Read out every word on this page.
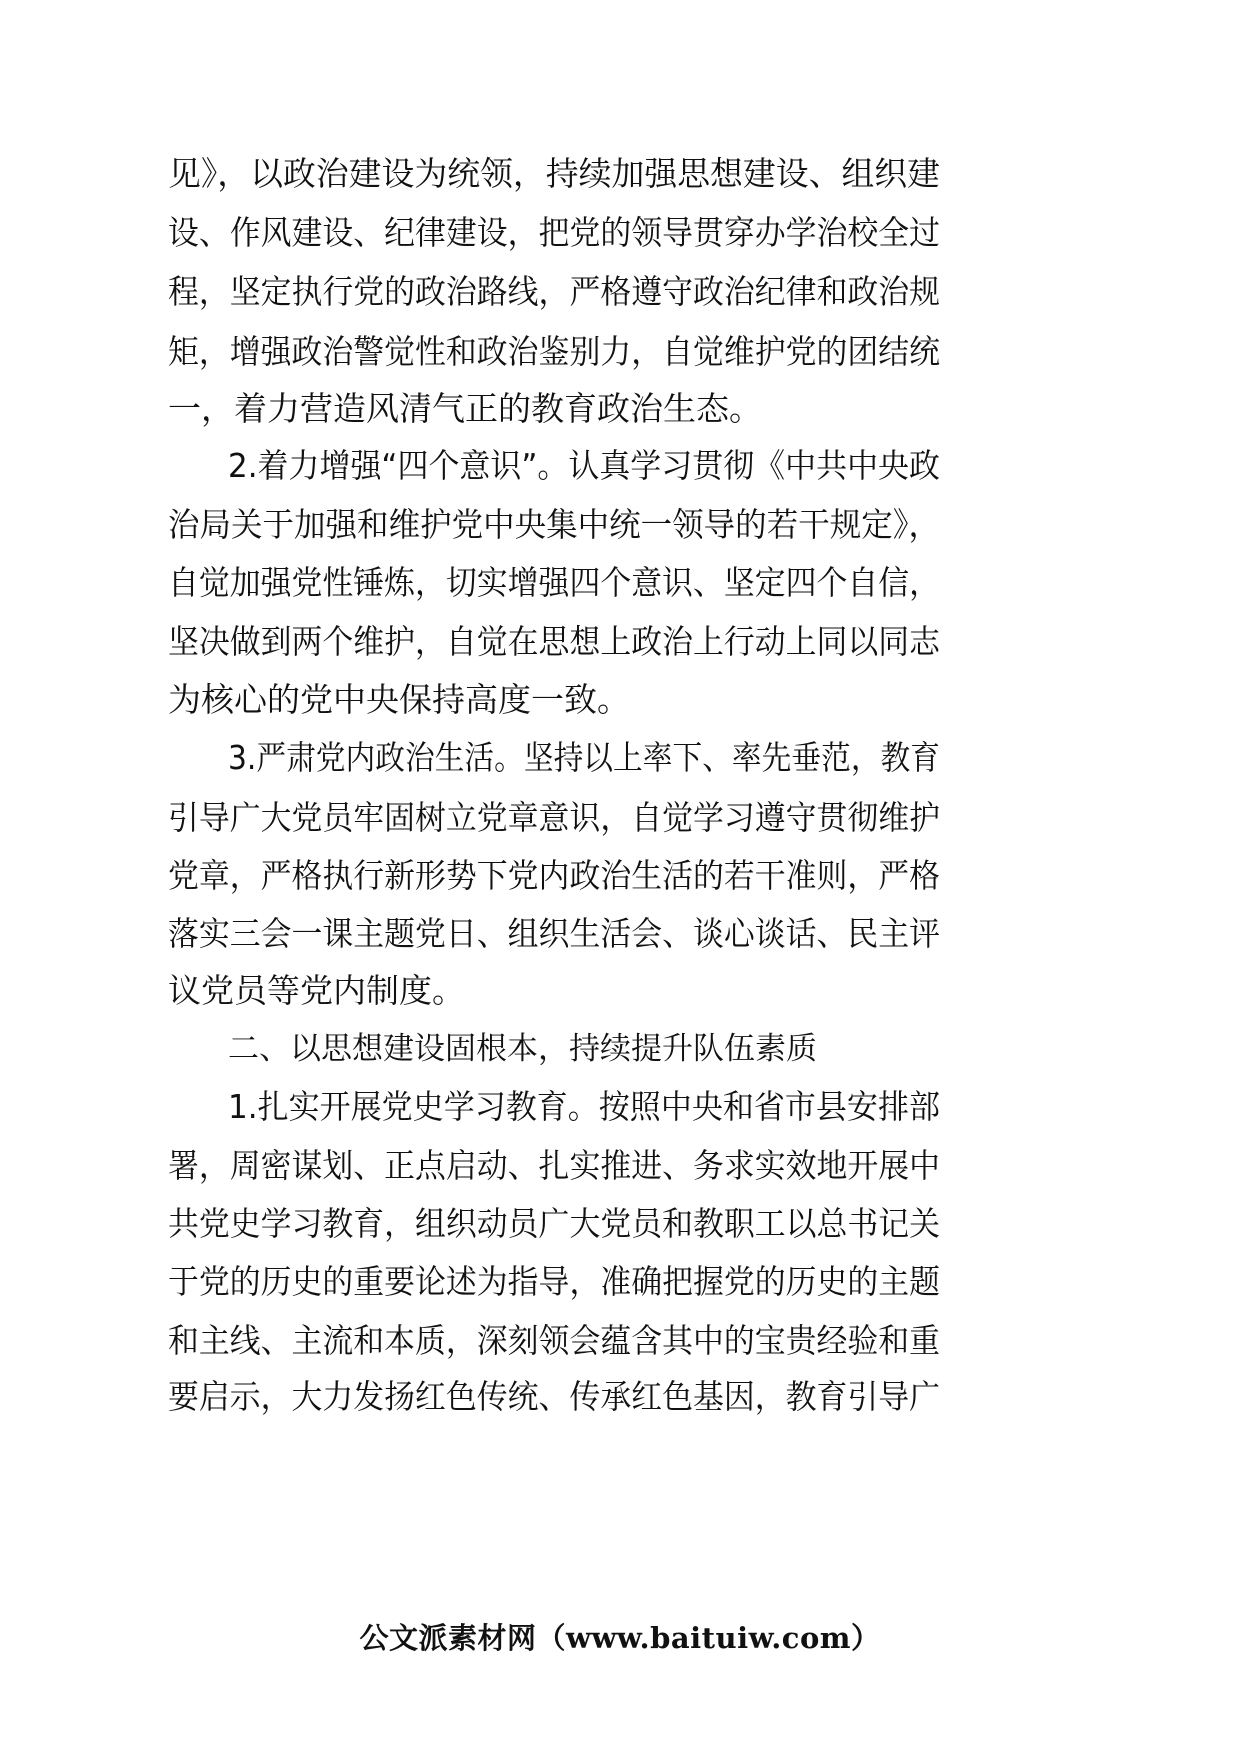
见》，以政治建设为统领，持续加强思想建设、组织建
设、作风建设、纪律建设，把党的领导贯穿办学治校全过
程，坚定执行党的政治路线，严格遵守政治纪律和政治规
矩，增强政治警觉性和政治鉴别力，自觉维护党的团结统
一，着力营造风清气正的教育政治生态。
2.着力增强“四个意识”。认真学习贯彻《中共中央政
治局关于加强和维护党中央集中统一领导的若干规定》，
自觉加强党性锤炼，切实增强四个意识、坚定四个自信，
坚决做到两个维护，自觉在思想上政治上行动上同以同志
为核心的党中央保持高度一致。
3.严肃党内政治生活。坚持以上率下、率先垂范，教育
引导广大党员牢固树立党章意识，自觉学习遵守贯彻维护
党章，严格执行新形势下党内政治生活的若干准则，严格
落实三会一课主题党日、组织生活会、谈心谈话、民主评
议党员等党内制度。
二、以思想建设固根本，持续提升队伍素质
1.扎实开展党史学习教育。按照中央和省市县安排部
署，周密谋划、正点启动、扎实推进、务求实效地开展中
共党史学习教育，组织动员广大党员和教职工以总书记关
于党的历史的重要论述为指导，准确把握党的历史的主题
和主线、主流和本质，深刻领会蕴含其中的宝贵经验和重
要启示，大力发扬红色传统、传承红色基因，教育引导广
公文派素材网（www.baituiw.com）
